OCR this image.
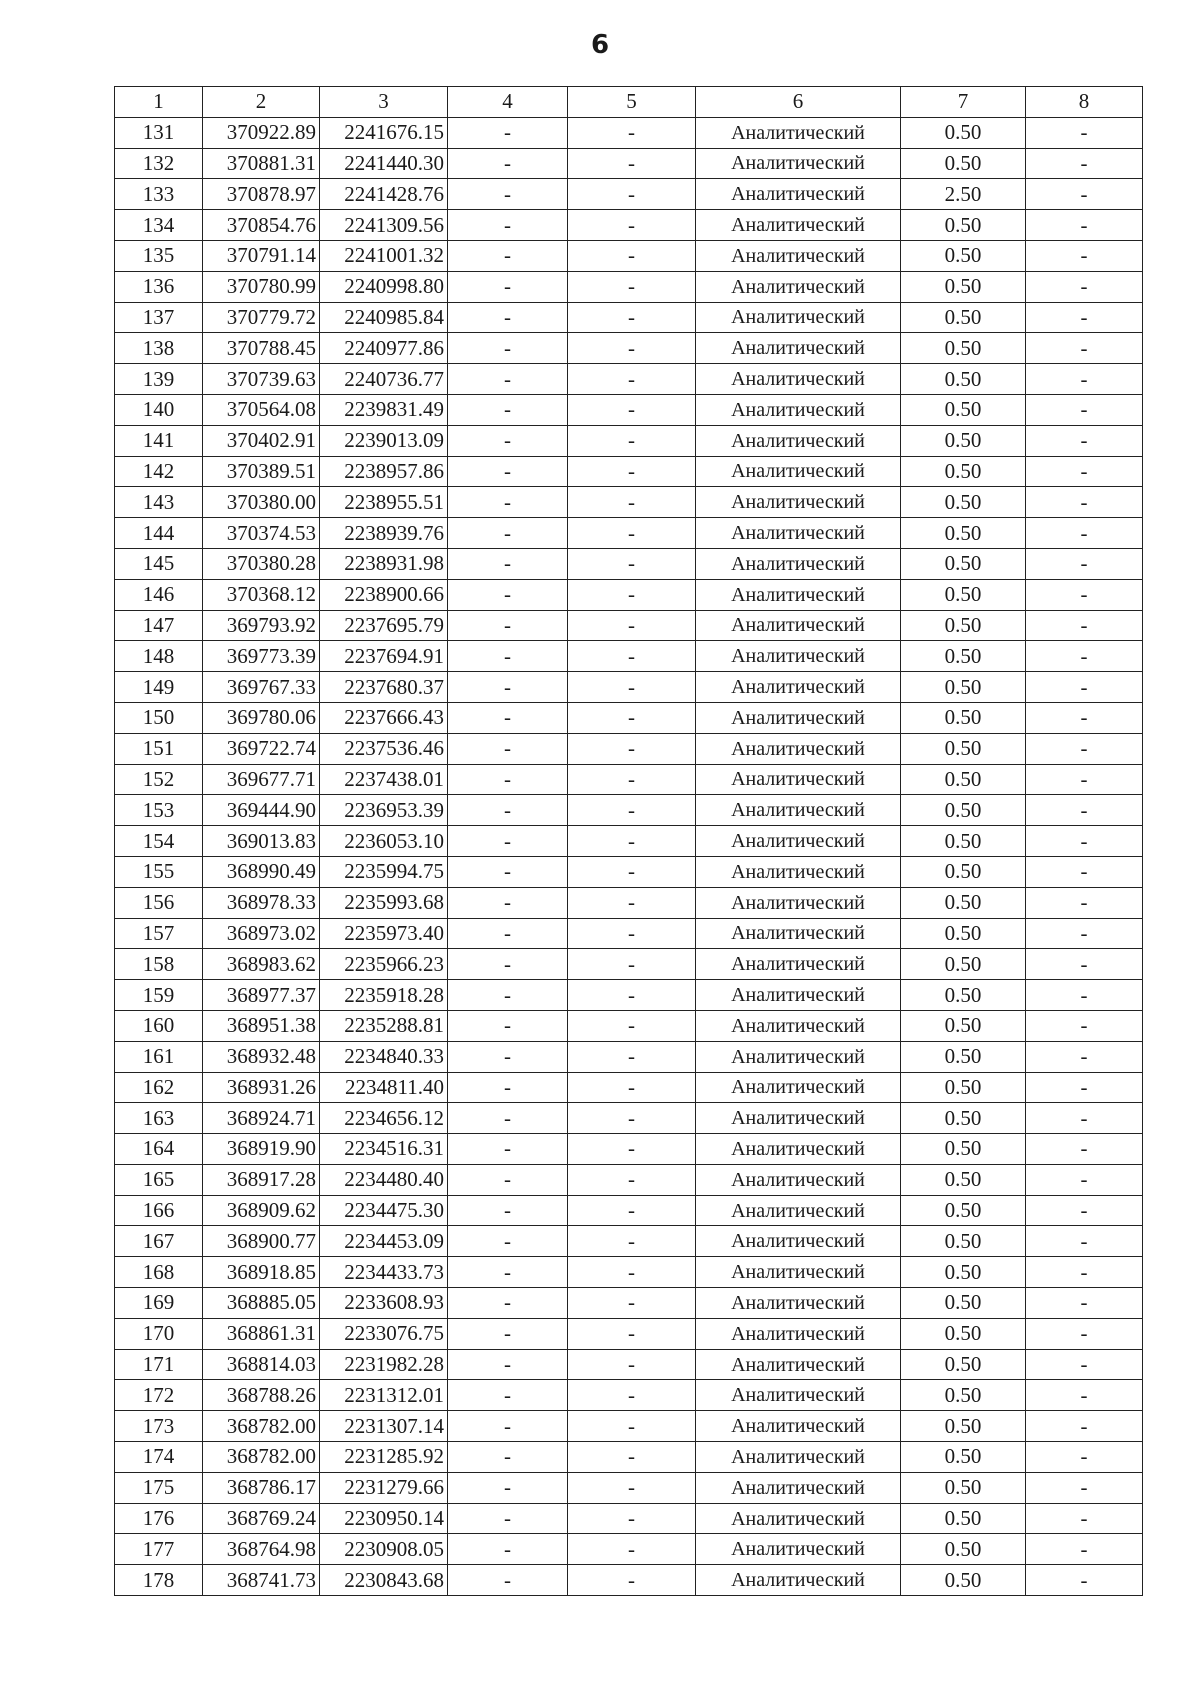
6
1	2	3	4	5	6	7	8
131	370922.89	2241676.15	-	-	Аналитический	0.50	-
132	370881.31	2241440.30	-	-	Аналитический	0.50	-
133	370878.97	2241428.76	-	-	Аналитический	2.50	-
134	370854.76	2241309.56	-	-	Аналитический	0.50	-
135	370791.14	2241001.32	-	-	Аналитический	0.50	-
136	370780.99	2240998.80	-	-	Аналитический	0.50	-
137	370779.72	2240985.84	-	-	Аналитический	0.50	-
138	370788.45	2240977.86	-	-	Аналитический	0.50	-
139	370739.63	2240736.77	-	-	Аналитический	0.50	-
140	370564.08	2239831.49	-	-	Аналитический	0.50	-
141	370402.91	2239013.09	-	-	Аналитический	0.50	-
142	370389.51	2238957.86	-	-	Аналитический	0.50	-
143	370380.00	2238955.51	-	-	Аналитический	0.50	-
144	370374.53	2238939.76	-	-	Аналитический	0.50	-
145	370380.28	2238931.98	-	-	Аналитический	0.50	-
146	370368.12	2238900.66	-	-	Аналитический	0.50	-
147	369793.92	2237695.79	-	-	Аналитический	0.50	-
148	369773.39	2237694.91	-	-	Аналитический	0.50	-
149	369767.33	2237680.37	-	-	Аналитический	0.50	-
150	369780.06	2237666.43	-	-	Аналитический	0.50	-
151	369722.74	2237536.46	-	-	Аналитический	0.50	-
152	369677.71	2237438.01	-	-	Аналитический	0.50	-
153	369444.90	2236953.39	-	-	Аналитический	0.50	-
154	369013.83	2236053.10	-	-	Аналитический	0.50	-
155	368990.49	2235994.75	-	-	Аналитический	0.50	-
156	368978.33	2235993.68	-	-	Аналитический	0.50	-
157	368973.02	2235973.40	-	-	Аналитический	0.50	-
158	368983.62	2235966.23	-	-	Аналитический	0.50	-
159	368977.37	2235918.28	-	-	Аналитический	0.50	-
160	368951.38	2235288.81	-	-	Аналитический	0.50	-
161	368932.48	2234840.33	-	-	Аналитический	0.50	-
162	368931.26	2234811.40	-	-	Аналитический	0.50	-
163	368924.71	2234656.12	-	-	Аналитический	0.50	-
164	368919.90	2234516.31	-	-	Аналитический	0.50	-
165	368917.28	2234480.40	-	-	Аналитический	0.50	-
166	368909.62	2234475.30	-	-	Аналитический	0.50	-
167	368900.77	2234453.09	-	-	Аналитический	0.50	-
168	368918.85	2234433.73	-	-	Аналитический	0.50	-
169	368885.05	2233608.93	-	-	Аналитический	0.50	-
170	368861.31	2233076.75	-	-	Аналитический	0.50	-
171	368814.03	2231982.28	-	-	Аналитический	0.50	-
172	368788.26	2231312.01	-	-	Аналитический	0.50	-
173	368782.00	2231307.14	-	-	Аналитический	0.50	-
174	368782.00	2231285.92	-	-	Аналитический	0.50	-
175	368786.17	2231279.66	-	-	Аналитический	0.50	-
176	368769.24	2230950.14	-	-	Аналитический	0.50	-
177	368764.98	2230908.05	-	-	Аналитический	0.50	-
178	368741.73	2230843.68	-	-	Аналитический	0.50	-
